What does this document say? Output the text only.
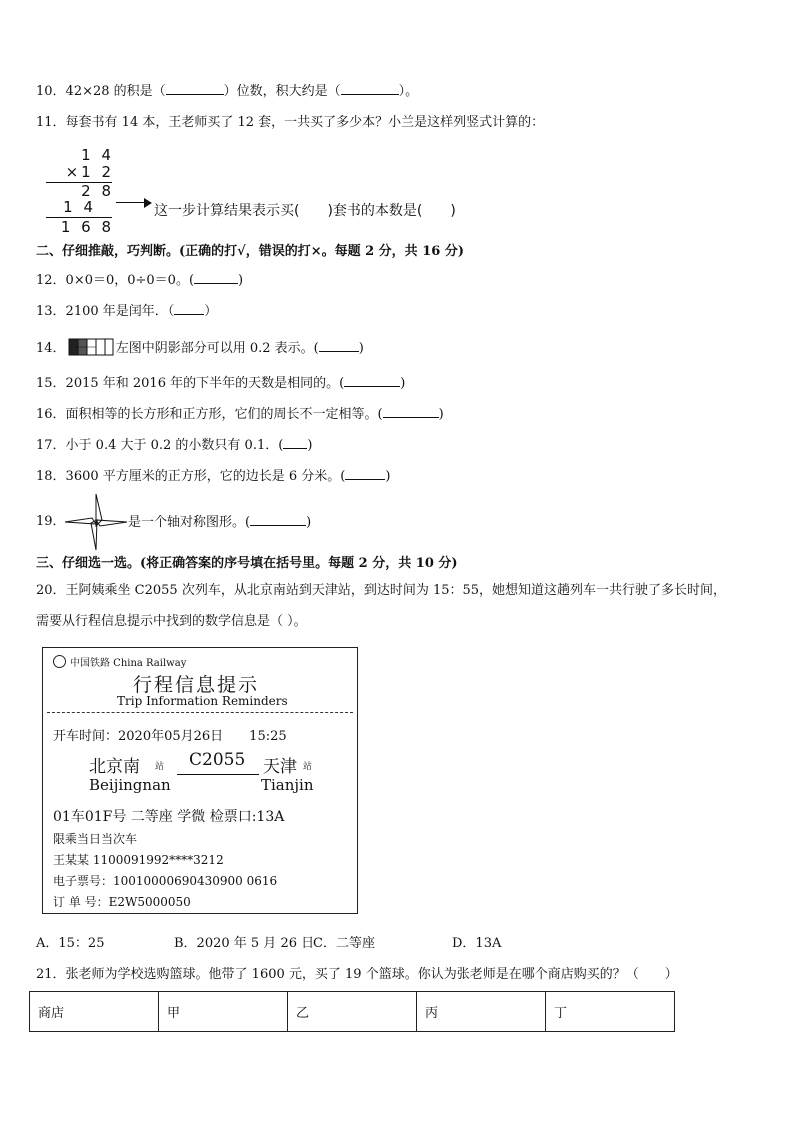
10．42×28 的积是（	）位数，积大约是（	）。
11．每套书有 14 本，王老师买了 12 套，一共买了多少本？小兰是这样列竖式计算的：
1 4
×1 2
2 8
1 4
1 6 8
这一步计算结果表示买(　　)套书的本数是(　　)
二、仔细推敲，巧判断。(正确的打√，错误的打×。每题 2 分，共 16 分)
12．0×0＝0，0÷0＝0。(	)
13．2100 年是闰年．（ ）
14．	左图中阴影部分可以用 0.2 表示。(	)
15．2015 年和 2016 年的下半年的天数是相同的。(	)
16．面积相等的长方形和正方形，它们的周长不一定相等。(	)
17．小于 0.4 大于 0.2 的小数只有 0.1．( )
18．3600 平方厘米的正方形，它的边长是 6 分米。(	)
19．	是一个轴对称图形。(	)
三、仔细选一选。(将正确答案的序号填在括号里。每题 2 分，共 10 分)
20．王阿姨乘坐 C2055 次列车，从北京南站到天津站，到达时间为 15：55，她想知道这趟列车一共行驶了多长时间，
需要从行程信息提示中找到的数学信息是（ ）。
中国铁路 China Railway
行程信息提示
Trip Information Reminders
开车时间：2020年05月26日　　15:25
北京南 站 C2055 天津 站
Beijingnan	Tianjin
01车01F号 二等座 学微 检票口:13A
限乘当日当次车
王某某 1100091992****3212
电子票号：10010000690430900 0616
订 单 号：E2W5000050
A．15：25	B．2020 年 5 月 26 日
C．二等座	D．13A
21．张老师为学校选购篮球。他带了 1600 元，买了 19 个篮球。你认为张老师是在哪个商店购买的？（　　）
商店	甲	乙	丙	丁
